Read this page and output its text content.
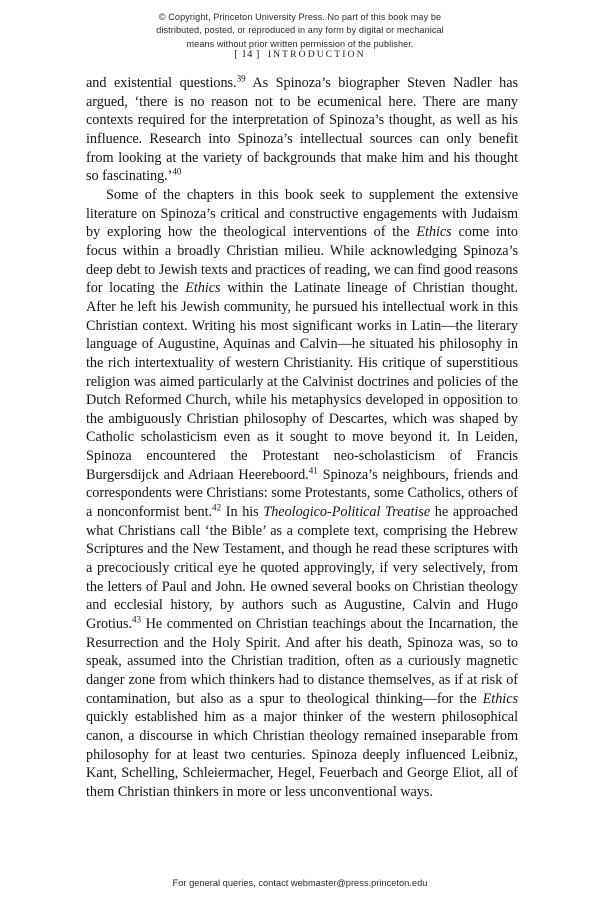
© Copyright, Princeton University Press. No part of this book may be
distributed, posted, or reproduced in any form by digital or mechanical
means without prior written permission of the publisher.
[ 14 ] INTRODUCTION

and existential questions.$^{39}$ As Spinoza’s biographer Steven Nadler has argued, ‘there is no reason not to be ecumenical here. There are many contexts required for the interpretation of Spinoza’s thought, as well as his influence. Research into Spinoza’s intellectual sources can only benefit from looking at the variety of backgrounds that make him and his thought so fascinating.’$^{40}$

Some of the chapters in this book seek to supplement the extensive literature on Spinoza’s critical and constructive engagements with Judaism by exploring how the theological interventions of the Ethics come into focus within a broadly Christian milieu. While acknowledging Spinoza’s deep debt to Jewish texts and practices of reading, we can find good reasons for locating the Ethics within the Latinate lineage of Christian thought. After he left his Jewish community, he pursued his intellectual work in this Christian context. Writing his most significant works in Latin—the literary language of Augustine, Aquinas and Calvin—he situated his philosophy in the rich intertextuality of western Christianity. His critique of superstitious religion was aimed particularly at the Calvinist doctrines and policies of the Dutch Reformed Church, while his metaphysics developed in opposition to the ambiguously Christian philosophy of Descartes, which was shaped by Catholic scholasticism even as it sought to move beyond it. In Leiden, Spinoza encountered the Protestant neo-scholasticism of Francis Burgersdijck and Adriaan Heereboord.$^{41}$ Spinoza’s neighbours, friends and correspondents were Christians: some Protestants, some Catholics, others of a nonconformist bent.$^{42}$ In his Theologico-Political Treatise he approached what Christians call ‘the Bible’ as a complete text, comprising the Hebrew Scriptures and the New Testament, and though he read these scriptures with a precociously critical eye he quoted approvingly, if very selectively, from the letters of Paul and John. He owned several books on Christian theology and ecclesial history, by authors such as Augustine, Calvin and Hugo Grotius.$^{43}$ He commented on Christian teachings about the Incarnation, the Resurrection and the Holy Spirit. And after his death, Spinoza was, so to speak, assumed into the Christian tradition, often as a curiously magnetic danger zone from which thinkers had to distance themselves, as if at risk of contamination, but also as a spur to theological thinking—for the Ethics quickly established him as a major thinker of the western philosophical canon, a discourse in which Christian theology remained inseparable from philosophy for at least two centuries. Spinoza deeply influenced Leibniz, Kant, Schelling, Schleiermacher, Hegel, Feuerbach and George Eliot, all of them Christian thinkers in more or less unconventional ways.

For general queries, contact webmaster@press.princeton.edu
